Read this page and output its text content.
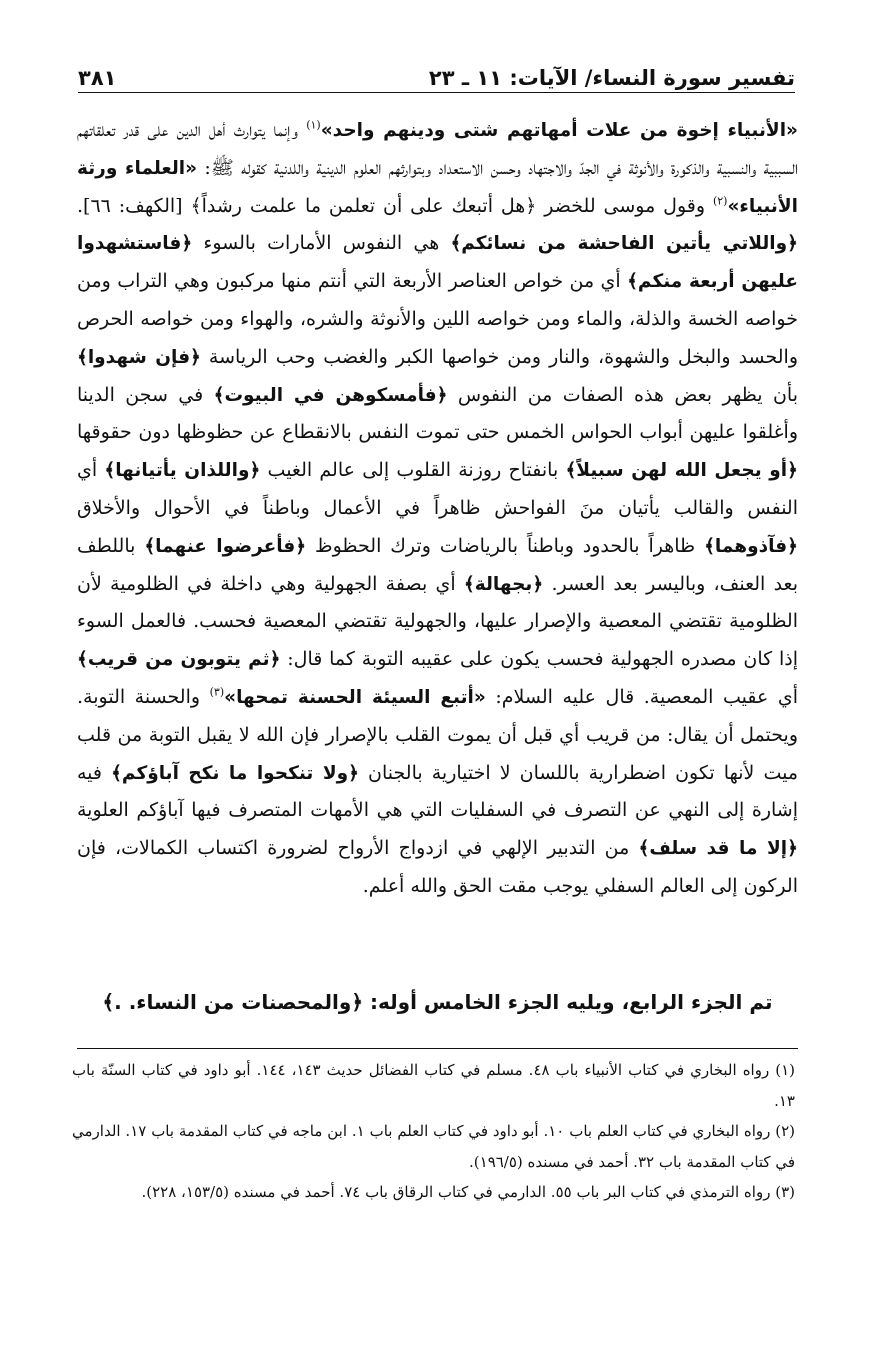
تفسير سورة النساء/ الآيات: ١١ ـ ٢٣
٣٨١
«الأنبياء إخوة من علات أمهاتهم شتى ودينهم واحد»$^{(١)}$ وإنما يتوارث أهل الدين على قدر تعلقاتهم السببية والنسبية والذكورة والأنوثة في الجدّ والاجتهاد وحسن الاستعداد وبتوارثهم العلوم الدينية واللدنية كقوله ﷺ: «العلماء ورثة الأنبياء»$^{(٢)}$ وقول موسى للخضر ﴿هل أتبعك على أن تعلمن ما علمت رشداً﴾ [الكهف: ٦٦]. ﴿واللاتي يأتين الفاحشة من نسائكم﴾ هي النفوس الأمارات بالسوء ﴿فاستشهدوا عليهن أربعة منكم﴾ أي من خواص العناصر الأربعة التي أنتم منها مركبون وهي التراب ومن خواصه الخسة والذلة، والماء ومن خواصه اللين والأنوثة والشره، والهواء ومن خواصه الحرص والحسد والبخل والشهوة، والنار ومن خواصها الكبر والغضب وحب الرياسة ﴿فإن شهدوا﴾ بأن يظهر بعض هذه الصفات من النفوس ﴿فأمسكوهن في البيوت﴾ في سجن الدينا وأغلقوا عليهن أبواب الحواس الخمس حتى تموت النفس بالانقطاع عن حظوظها دون حقوقها ﴿أو يجعل الله لهن سبيلاً﴾ بانفتاح روزنة القلوب إلى عالم الغيب ﴿واللذان يأتيانها﴾ أي النفس والقالب يأتيان منَ الفواحش ظاهراً في الأعمال وباطناً في الأحوال والأخلاق ﴿فآذوهما﴾ ظاهراً بالحدود وباطناً بالرياضات وترك الحظوظ ﴿فأعرضوا عنهما﴾ باللطف بعد العنف، وباليسر بعد العسر. ﴿بجهالة﴾ أي بصفة الجهولية وهي داخلة في الظلومية لأن الظلومية تقتضي المعصية والإصرار عليها، والجهولية تقتضي المعصية فحسب. فالعمل السوء إذا كان مصدره الجهولية فحسب يكون على عقيبه التوبة كما قال: ﴿ثم يتوبون من قريب﴾ أي عقيب المعصية. قال عليه السلام: «أتبع السيئة الحسنة تمحها»$^{(٣)}$ والحسنة التوبة. ويحتمل أن يقال: من قريب أي قبل أن يموت القلب بالإصرار فإن الله لا يقبل التوبة من قلب ميت لأنها تكون اضطرارية باللسان لا اختيارية بالجنان ﴿ولا تنكحوا ما نكح آباؤكم﴾ فيه إشارة إلى النهي عن التصرف في السفليات التي هي الأمهات المتصرف فيها آباؤكم العلوية ﴿إلا ما قد سلف﴾ من التدبير الإلهي في ازدواج الأرواح لضرورة اكتساب الكمالات، فإن الركون إلى العالم السفلي يوجب مقت الحق والله أعلم.
تم الجزء الرابع، ويليه الجزء الخامس أوله: ﴿والمحصنات من النساء. .﴾

(١) رواه البخاري في كتاب الأنبياء باب ٤٨. مسلم في كتاب الفضائل حديث ١٤٣، ١٤٤. أبو داود في كتاب السنّة باب ١٣.

(٢) رواه البخاري في كتاب العلم باب ١٠. أبو داود في كتاب العلم باب ١. ابن ماجه في كتاب المقدمة باب ١٧. الدارمي في كتاب المقدمة باب ٣٢. أحمد في مسنده (١٩٦/٥).

(٣) رواه الترمذي في كتاب البر باب ٥٥. الدارمي في كتاب الرقاق باب ٧٤. أحمد في مسنده (١٥٣/٥، ٢٢٨).
